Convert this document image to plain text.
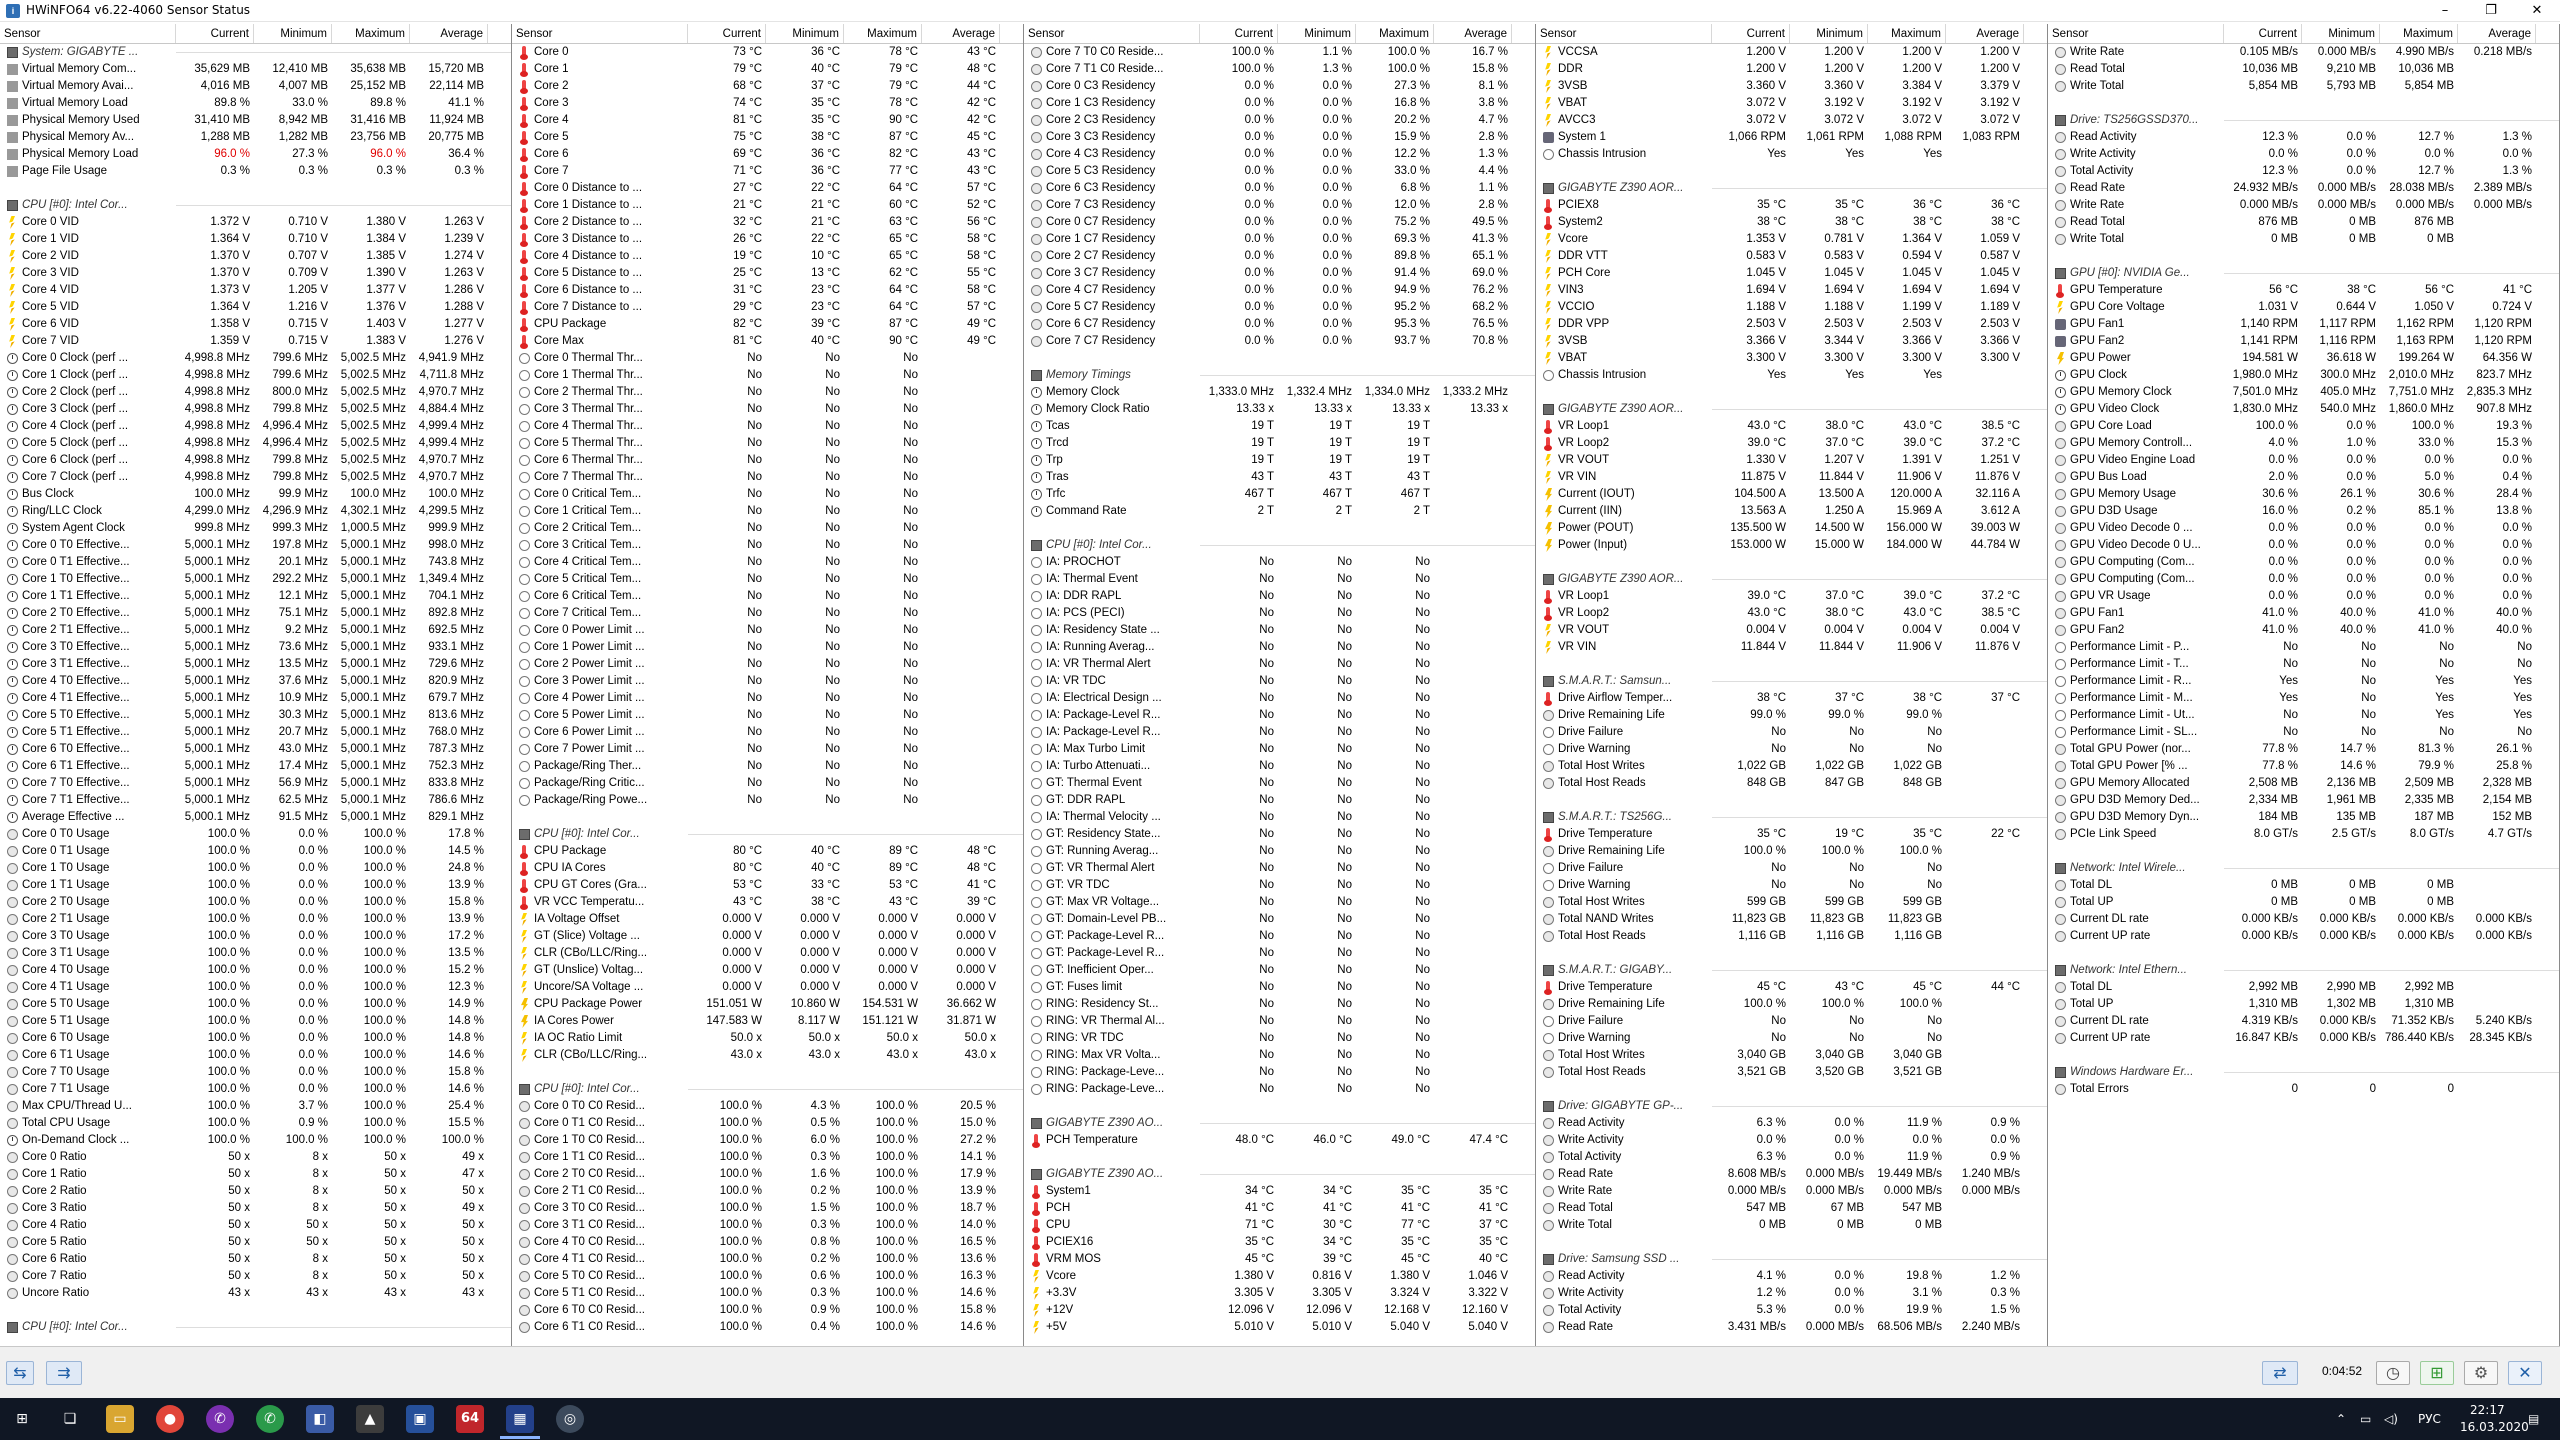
i HWiNFO64 v6.22-4060 Sensor Status	–	❐	✕
Sensor	Current	Minimum	Maximum	Average
System: GIGABYTE ...
Virtual Memory Com...	35,629 MB	12,410 MB	35,638 MB	15,720 MB
Virtual Memory Avai...	4,016 MB	4,007 MB	25,152 MB	22,114 MB
Virtual Memory Load	89.8 %	33.0 %	89.8 %	41.1 %
Physical Memory Used	31,410 MB	8,942 MB	31,416 MB	11,924 MB
Physical Memory Av...	1,288 MB	1,282 MB	23,756 MB	20,775 MB
Physical Memory Load	96.0 %	27.3 %	96.0 %	36.4 %
Page File Usage	0.3 %	0.3 %	0.3 %	0.3 %
CPU [#0]: Intel Cor...
Core 0 VID	1.372 V	0.710 V	1.380 V	1.263 V
Core 1 VID	1.364 V	0.710 V	1.384 V	1.239 V
Core 2 VID	1.370 V	0.707 V	1.385 V	1.274 V
Core 3 VID	1.370 V	0.709 V	1.390 V	1.263 V
Core 4 VID	1.373 V	1.205 V	1.377 V	1.286 V
Core 5 VID	1.364 V	1.216 V	1.376 V	1.288 V
Core 6 VID	1.358 V	0.715 V	1.403 V	1.277 V
Core 7 VID	1.359 V	0.715 V	1.383 V	1.276 V
Core 0 Clock (perf ...	4,998.8 MHz	799.6 MHz	5,002.5 MHz	4,941.9 MHz
Core 1 Clock (perf ...	4,998.8 MHz	799.6 MHz	5,002.5 MHz	4,711.8 MHz
Core 2 Clock (perf ...	4,998.8 MHz	800.0 MHz	5,002.5 MHz	4,970.7 MHz
Core 3 Clock (perf ...	4,998.8 MHz	799.8 MHz	5,002.5 MHz	4,884.4 MHz
Core 4 Clock (perf ...	4,998.8 MHz	4,996.4 MHz	5,002.5 MHz	4,999.4 MHz
Core 5 Clock (perf ...	4,998.8 MHz	4,996.4 MHz	5,002.5 MHz	4,999.4 MHz
Core 6 Clock (perf ...	4,998.8 MHz	799.8 MHz	5,002.5 MHz	4,970.7 MHz
Core 7 Clock (perf ...	4,998.8 MHz	799.8 MHz	5,002.5 MHz	4,970.7 MHz
Bus Clock	100.0 MHz	99.9 MHz	100.0 MHz	100.0 MHz
Ring/LLC Clock	4,299.0 MHz	4,296.9 MHz	4,302.1 MHz	4,299.5 MHz
System Agent Clock	999.8 MHz	999.3 MHz	1,000.5 MHz	999.9 MHz
Core 0 T0 Effective...	5,000.1 MHz	197.8 MHz	5,000.1 MHz	998.0 MHz
Core 0 T1 Effective...	5,000.1 MHz	20.1 MHz	5,000.1 MHz	743.8 MHz
Core 1 T0 Effective...	5,000.1 MHz	292.2 MHz	5,000.1 MHz	1,349.4 MHz
Core 1 T1 Effective...	5,000.1 MHz	12.1 MHz	5,000.1 MHz	704.1 MHz
Core 2 T0 Effective...	5,000.1 MHz	75.1 MHz	5,000.1 MHz	892.8 MHz
Core 2 T1 Effective...	5,000.1 MHz	9.2 MHz	5,000.1 MHz	692.5 MHz
Core 3 T0 Effective...	5,000.1 MHz	73.6 MHz	5,000.1 MHz	933.1 MHz
Core 3 T1 Effective...	5,000.1 MHz	13.5 MHz	5,000.1 MHz	729.6 MHz
Core 4 T0 Effective...	5,000.1 MHz	37.6 MHz	5,000.1 MHz	820.9 MHz
Core 4 T1 Effective...	5,000.1 MHz	10.9 MHz	5,000.1 MHz	679.7 MHz
Core 5 T0 Effective...	5,000.1 MHz	30.3 MHz	5,000.1 MHz	813.6 MHz
Core 5 T1 Effective...	5,000.1 MHz	20.7 MHz	5,000.1 MHz	768.0 MHz
Core 6 T0 Effective...	5,000.1 MHz	43.0 MHz	5,000.1 MHz	787.3 MHz
Core 6 T1 Effective...	5,000.1 MHz	17.4 MHz	5,000.1 MHz	752.3 MHz
Core 7 T0 Effective...	5,000.1 MHz	56.9 MHz	5,000.1 MHz	833.8 MHz
Core 7 T1 Effective...	5,000.1 MHz	62.5 MHz	5,000.1 MHz	786.6 MHz
Average Effective ...	5,000.1 MHz	91.5 MHz	5,000.1 MHz	829.1 MHz
Core 0 T0 Usage	100.0 %	0.0 %	100.0 %	17.8 %
Core 0 T1 Usage	100.0 %	0.0 %	100.0 %	14.5 %
Core 1 T0 Usage	100.0 %	0.0 %	100.0 %	24.8 %
Core 1 T1 Usage	100.0 %	0.0 %	100.0 %	13.9 %
Core 2 T0 Usage	100.0 %	0.0 %	100.0 %	15.8 %
Core 2 T1 Usage	100.0 %	0.0 %	100.0 %	13.9 %
Core 3 T0 Usage	100.0 %	0.0 %	100.0 %	17.2 %
Core 3 T1 Usage	100.0 %	0.0 %	100.0 %	13.5 %
Core 4 T0 Usage	100.0 %	0.0 %	100.0 %	15.2 %
Core 4 T1 Usage	100.0 %	0.0 %	100.0 %	12.3 %
Core 5 T0 Usage	100.0 %	0.0 %	100.0 %	14.9 %
Core 5 T1 Usage	100.0 %	0.0 %	100.0 %	14.8 %
Core 6 T0 Usage	100.0 %	0.0 %	100.0 %	14.8 %
Core 6 T1 Usage	100.0 %	0.0 %	100.0 %	14.6 %
Core 7 T0 Usage	100.0 %	0.0 %	100.0 %	15.8 %
Core 7 T1 Usage	100.0 %	0.0 %	100.0 %	14.6 %
Max CPU/Thread U...	100.0 %	3.7 %	100.0 %	25.4 %
Total CPU Usage	100.0 %	0.9 %	100.0 %	15.5 %
On-Demand Clock ...	100.0 %	100.0 %	100.0 %	100.0 %
Core 0 Ratio	50 x	8 x	50 x	49 x
Core 1 Ratio	50 x	8 x	50 x	47 x
Core 2 Ratio	50 x	8 x	50 x	50 x
Core 3 Ratio	50 x	8 x	50 x	49 x
Core 4 Ratio	50 x	50 x	50 x	50 x
Core 5 Ratio	50 x	50 x	50 x	50 x
Core 6 Ratio	50 x	8 x	50 x	50 x
Core 7 Ratio	50 x	8 x	50 x	50 x
Uncore Ratio	43 x	43 x	43 x	43 x
CPU [#0]: Intel Cor...
Sensor	Current	Minimum	Maximum	Average
Core 0	73 °C	36 °C	78 °C	43 °C
Core 1	79 °C	40 °C	79 °C	48 °C
Core 2	68 °C	37 °C	79 °C	44 °C
Core 3	74 °C	35 °C	78 °C	42 °C
Core 4	81 °C	35 °C	90 °C	42 °C
Core 5	75 °C	38 °C	87 °C	45 °C
Core 6	69 °C	36 °C	82 °C	43 °C
Core 7	71 °C	36 °C	77 °C	43 °C
Core 0 Distance to ...	27 °C	22 °C	64 °C	57 °C
Core 1 Distance to ...	21 °C	21 °C	60 °C	52 °C
Core 2 Distance to ...	32 °C	21 °C	63 °C	56 °C
Core 3 Distance to ...	26 °C	22 °C	65 °C	58 °C
Core 4 Distance to ...	19 °C	10 °C	65 °C	58 °C
Core 5 Distance to ...	25 °C	13 °C	62 °C	55 °C
Core 6 Distance to ...	31 °C	23 °C	64 °C	58 °C
Core 7 Distance to ...	29 °C	23 °C	64 °C	57 °C
CPU Package	82 °C	39 °C	87 °C	49 °C
Core Max	81 °C	40 °C	90 °C	49 °C
Core 0 Thermal Thr...	No	No	No
Core 1 Thermal Thr...	No	No	No
Core 2 Thermal Thr...	No	No	No
Core 3 Thermal Thr...	No	No	No
Core 4 Thermal Thr...	No	No	No
Core 5 Thermal Thr...	No	No	No
Core 6 Thermal Thr...	No	No	No
Core 7 Thermal Thr...	No	No	No
Core 0 Critical Tem...	No	No	No
Core 1 Critical Tem...	No	No	No
Core 2 Critical Tem...	No	No	No
Core 3 Critical Tem...	No	No	No
Core 4 Critical Tem...	No	No	No
Core 5 Critical Tem...	No	No	No
Core 6 Critical Tem...	No	No	No
Core 7 Critical Tem...	No	No	No
Core 0 Power Limit ...	No	No	No
Core 1 Power Limit ...	No	No	No
Core 2 Power Limit ...	No	No	No
Core 3 Power Limit ...	No	No	No
Core 4 Power Limit ...	No	No	No
Core 5 Power Limit ...	No	No	No
Core 6 Power Limit ...	No	No	No
Core 7 Power Limit ...	No	No	No
Package/Ring Ther...	No	No	No
Package/Ring Critic...	No	No	No
Package/Ring Powe...	No	No	No
CPU [#0]: Intel Cor...
CPU Package	80 °C	40 °C	89 °C	48 °C
CPU IA Cores	80 °C	40 °C	89 °C	48 °C
CPU GT Cores (Gra...	53 °C	33 °C	53 °C	41 °C
VR VCC Temperatu...	43 °C	38 °C	43 °C	39 °C
IA Voltage Offset	0.000 V	0.000 V	0.000 V	0.000 V
GT (Slice) Voltage ...	0.000 V	0.000 V	0.000 V	0.000 V
CLR (CBo/LLC/Ring...	0.000 V	0.000 V	0.000 V	0.000 V
GT (Unslice) Voltag...	0.000 V	0.000 V	0.000 V	0.000 V
Uncore/SA Voltage ...	0.000 V	0.000 V	0.000 V	0.000 V
CPU Package Power	151.051 W	10.860 W	154.531 W	36.662 W
IA Cores Power	147.583 W	8.117 W	151.121 W	31.871 W
IA OC Ratio Limit	50.0 x	50.0 x	50.0 x	50.0 x
CLR (CBo/LLC/Ring...	43.0 x	43.0 x	43.0 x	43.0 x
CPU [#0]: Intel Cor...
Core 0 T0 C0 Resid...	100.0 %	4.3 %	100.0 %	20.5 %
Core 0 T1 C0 Resid...	100.0 %	0.5 %	100.0 %	15.0 %
Core 1 T0 C0 Resid...	100.0 %	6.0 %	100.0 %	27.2 %
Core 1 T1 C0 Resid...	100.0 %	0.3 %	100.0 %	14.1 %
Core 2 T0 C0 Resid...	100.0 %	1.6 %	100.0 %	17.9 %
Core 2 T1 C0 Resid...	100.0 %	0.2 %	100.0 %	13.9 %
Core 3 T0 C0 Resid...	100.0 %	1.5 %	100.0 %	18.7 %
Core 3 T1 C0 Resid...	100.0 %	0.3 %	100.0 %	14.0 %
Core 4 T0 C0 Resid...	100.0 %	0.8 %	100.0 %	16.5 %
Core 4 T1 C0 Resid...	100.0 %	0.2 %	100.0 %	13.6 %
Core 5 T0 C0 Resid...	100.0 %	0.6 %	100.0 %	16.3 %
Core 5 T1 C0 Resid...	100.0 %	0.3 %	100.0 %	14.6 %
Core 6 T0 C0 Resid...	100.0 %	0.9 %	100.0 %	15.8 %
Core 6 T1 C0 Resid...	100.0 %	0.4 %	100.0 %	14.6 %
Sensor	Current	Minimum	Maximum	Average
Core 7 T0 C0 Reside...	100.0 %	1.1 %	100.0 %	16.7 %
Core 7 T1 C0 Reside...	100.0 %	1.3 %	100.0 %	15.8 %
Core 0 C3 Residency	0.0 %	0.0 %	27.3 %	8.1 %
Core 1 C3 Residency	0.0 %	0.0 %	16.8 %	3.8 %
Core 2 C3 Residency	0.0 %	0.0 %	20.2 %	4.7 %
Core 3 C3 Residency	0.0 %	0.0 %	15.9 %	2.8 %
Core 4 C3 Residency	0.0 %	0.0 %	12.2 %	1.3 %
Core 5 C3 Residency	0.0 %	0.0 %	33.0 %	4.4 %
Core 6 C3 Residency	0.0 %	0.0 %	6.8 %	1.1 %
Core 7 C3 Residency	0.0 %	0.0 %	12.0 %	2.8 %
Core 0 C7 Residency	0.0 %	0.0 %	75.2 %	49.5 %
Core 1 C7 Residency	0.0 %	0.0 %	69.3 %	41.3 %
Core 2 C7 Residency	0.0 %	0.0 %	89.8 %	65.1 %
Core 3 C7 Residency	0.0 %	0.0 %	91.4 %	69.0 %
Core 4 C7 Residency	0.0 %	0.0 %	94.9 %	76.2 %
Core 5 C7 Residency	0.0 %	0.0 %	95.2 %	68.2 %
Core 6 C7 Residency	0.0 %	0.0 %	95.3 %	76.5 %
Core 7 C7 Residency	0.0 %	0.0 %	93.7 %	70.8 %
Memory Timings
Memory Clock	1,333.0 MHz	1,332.4 MHz	1,334.0 MHz	1,333.2 MHz
Memory Clock Ratio	13.33 x	13.33 x	13.33 x	13.33 x
Tcas	19 T	19 T	19 T
Trcd	19 T	19 T	19 T
Trp	19 T	19 T	19 T
Tras	43 T	43 T	43 T
Trfc	467 T	467 T	467 T
Command Rate	2 T	2 T	2 T
CPU [#0]: Intel Cor...
IA: PROCHOT	No	No	No
IA: Thermal Event	No	No	No
IA: DDR RAPL	No	No	No
IA: PCS (PECI)	No	No	No
IA: Residency State ...	No	No	No
IA: Running Averag...	No	No	No
IA: VR Thermal Alert	No	No	No
IA: VR TDC	No	No	No
IA: Electrical Design ...	No	No	No
IA: Package-Level R...	No	No	No
IA: Package-Level R...	No	No	No
IA: Max Turbo Limit	No	No	No
IA: Turbo Attenuati...	No	No	No
GT: Thermal Event	No	No	No
GT: DDR RAPL	No	No	No
IA: Thermal Velocity ...	No	No	No
GT: Residency State...	No	No	No
GT: Running Averag...	No	No	No
GT: VR Thermal Alert	No	No	No
GT: VR TDC	No	No	No
GT: Max VR Voltage...	No	No	No
GT: Domain-Level PB...	No	No	No
GT: Package-Level R...	No	No	No
GT: Package-Level R...	No	No	No
GT: Inefficient Oper...	No	No	No
GT: Fuses limit	No	No	No
RING: Residency St...	No	No	No
RING: VR Thermal Al...	No	No	No
RING: VR TDC	No	No	No
RING: Max VR Volta...	No	No	No
RING: Package-Leve...	No	No	No
RING: Package-Leve...	No	No	No
GIGABYTE Z390 AO...
PCH Temperature	48.0 °C	46.0 °C	49.0 °C	47.4 °C
GIGABYTE Z390 AO...
System1	34 °C	34 °C	35 °C	35 °C
PCH	41 °C	41 °C	41 °C	41 °C
CPU	71 °C	30 °C	77 °C	37 °C
PCIEX16	35 °C	34 °C	35 °C	35 °C
VRM MOS	45 °C	39 °C	45 °C	40 °C
Vcore	1.380 V	0.816 V	1.380 V	1.046 V
+3.3V	3.305 V	3.305 V	3.324 V	3.322 V
+12V	12.096 V	12.096 V	12.168 V	12.160 V
+5V	5.010 V	5.010 V	5.040 V	5.040 V
Sensor	Current	Minimum	Maximum	Average
VCCSA	1.200 V	1.200 V	1.200 V	1.200 V
DDR	1.200 V	1.200 V	1.200 V	1.200 V
3VSB	3.360 V	3.360 V	3.384 V	3.379 V
VBAT	3.072 V	3.192 V	3.192 V	3.192 V
AVCC3	3.072 V	3.072 V	3.072 V	3.072 V
System 1	1,066 RPM	1,061 RPM	1,088 RPM	1,083 RPM
Chassis Intrusion	Yes	Yes	Yes
GIGABYTE Z390 AOR...
PCIEX8	35 °C	35 °C	36 °C	36 °C
System2	38 °C	38 °C	38 °C	38 °C
Vcore	1.353 V	0.781 V	1.364 V	1.059 V
DDR VTT	0.583 V	0.583 V	0.594 V	0.587 V
PCH Core	1.045 V	1.045 V	1.045 V	1.045 V
VIN3	1.694 V	1.694 V	1.694 V	1.694 V
VCCIO	1.188 V	1.188 V	1.199 V	1.189 V
DDR VPP	2.503 V	2.503 V	2.503 V	2.503 V
3VSB	3.366 V	3.344 V	3.366 V	3.366 V
VBAT	3.300 V	3.300 V	3.300 V	3.300 V
Chassis Intrusion	Yes	Yes	Yes
GIGABYTE Z390 AOR...
VR Loop1	43.0 °C	38.0 °C	43.0 °C	38.5 °C
VR Loop2	39.0 °C	37.0 °C	39.0 °C	37.2 °C
VR VOUT	1.330 V	1.207 V	1.391 V	1.251 V
VR VIN	11.875 V	11.844 V	11.906 V	11.876 V
Current (IOUT)	104.500 A	13.500 A	120.000 A	32.116 A
Current (IIN)	13.563 A	1.250 A	15.969 A	3.612 A
Power (POUT)	135.500 W	14.500 W	156.000 W	39.003 W
Power (Input)	153.000 W	15.000 W	184.000 W	44.784 W
GIGABYTE Z390 AOR...
VR Loop1	39.0 °C	37.0 °C	39.0 °C	37.2 °C
VR Loop2	43.0 °C	38.0 °C	43.0 °C	38.5 °C
VR VOUT	0.004 V	0.004 V	0.004 V	0.004 V
VR VIN	11.844 V	11.844 V	11.906 V	11.876 V
S.M.A.R.T.: Samsun...
Drive Airflow Temper...	38 °C	37 °C	38 °C	37 °C
Drive Remaining Life	99.0 %	99.0 %	99.0 %
Drive Failure	No	No	No
Drive Warning	No	No	No
Total Host Writes	1,022 GB	1,022 GB	1,022 GB
Total Host Reads	848 GB	847 GB	848 GB
S.M.A.R.T.: TS256G...
Drive Temperature	35 °C	19 °C	35 °C	22 °C
Drive Remaining Life	100.0 %	100.0 %	100.0 %
Drive Failure	No	No	No
Drive Warning	No	No	No
Total Host Writes	599 GB	599 GB	599 GB
Total NAND Writes	11,823 GB	11,823 GB	11,823 GB
Total Host Reads	1,116 GB	1,116 GB	1,116 GB
S.M.A.R.T.: GIGABY...
Drive Temperature	45 °C	43 °C	45 °C	44 °C
Drive Remaining Life	100.0 %	100.0 %	100.0 %
Drive Failure	No	No	No
Drive Warning	No	No	No
Total Host Writes	3,040 GB	3,040 GB	3,040 GB
Total Host Reads	3,521 GB	3,520 GB	3,521 GB
Drive: GIGABYTE GP-...
Read Activity	6.3 %	0.0 %	11.9 %	0.9 %
Write Activity	0.0 %	0.0 %	0.0 %	0.0 %
Total Activity	6.3 %	0.0 %	11.9 %	0.9 %
Read Rate	8.608 MB/s	0.000 MB/s	19.449 MB/s	1.240 MB/s
Write Rate	0.000 MB/s	0.000 MB/s	0.000 MB/s	0.000 MB/s
Read Total	547 MB	67 MB	547 MB
Write Total	0 MB	0 MB	0 MB
Drive: Samsung SSD ...
Read Activity	4.1 %	0.0 %	19.8 %	1.2 %
Write Activity	1.2 %	0.0 %	3.1 %	0.3 %
Total Activity	5.3 %	0.0 %	19.9 %	1.5 %
Read Rate	3.431 MB/s	0.000 MB/s	68.506 MB/s	2.240 MB/s
Sensor	Current	Minimum	Maximum	Average
Write Rate	0.105 MB/s	0.000 MB/s	4.990 MB/s	0.218 MB/s
Read Total	10,036 MB	9,210 MB	10,036 MB
Write Total	5,854 MB	5,793 MB	5,854 MB
Drive: TS256GSSD370...
Read Activity	12.3 %	0.0 %	12.7 %	1.3 %
Write Activity	0.0 %	0.0 %	0.0 %	0.0 %
Total Activity	12.3 %	0.0 %	12.7 %	1.3 %
Read Rate	24.932 MB/s	0.000 MB/s	28.038 MB/s	2.389 MB/s
Write Rate	0.000 MB/s	0.000 MB/s	0.000 MB/s	0.000 MB/s
Read Total	876 MB	0 MB	876 MB
Write Total	0 MB	0 MB	0 MB
GPU [#0]: NVIDIA Ge...
GPU Temperature	56 °C	38 °C	56 °C	41 °C
GPU Core Voltage	1.031 V	0.644 V	1.050 V	0.724 V
GPU Fan1	1,140 RPM	1,117 RPM	1,162 RPM	1,120 RPM
GPU Fan2	1,141 RPM	1,116 RPM	1,163 RPM	1,120 RPM
GPU Power	194.581 W	36.618 W	199.264 W	64.356 W
GPU Clock	1,980.0 MHz	300.0 MHz	2,010.0 MHz	823.7 MHz
GPU Memory Clock	7,501.0 MHz	405.0 MHz	7,751.0 MHz	2,835.3 MHz
GPU Video Clock	1,830.0 MHz	540.0 MHz	1,860.0 MHz	907.8 MHz
GPU Core Load	100.0 %	0.0 %	100.0 %	19.3 %
GPU Memory Controll...	4.0 %	1.0 %	33.0 %	15.3 %
GPU Video Engine Load	0.0 %	0.0 %	0.0 %	0.0 %
GPU Bus Load	2.0 %	0.0 %	5.0 %	0.4 %
GPU Memory Usage	30.6 %	26.1 %	30.6 %	28.4 %
GPU D3D Usage	16.0 %	0.2 %	85.1 %	13.8 %
GPU Video Decode 0 ...	0.0 %	0.0 %	0.0 %	0.0 %
GPU Video Decode 0 U...	0.0 %	0.0 %	0.0 %	0.0 %
GPU Computing (Com...	0.0 %	0.0 %	0.0 %	0.0 %
GPU Computing (Com...	0.0 %	0.0 %	0.0 %	0.0 %
GPU VR Usage	0.0 %	0.0 %	0.0 %	0.0 %
GPU Fan1	41.0 %	40.0 %	41.0 %	40.0 %
GPU Fan2	41.0 %	40.0 %	41.0 %	40.0 %
Performance Limit - P...	No	No	No	No
Performance Limit - T...	No	No	No	No
Performance Limit - R...	Yes	No	Yes	Yes
Performance Limit - M...	Yes	No	Yes	Yes
Performance Limit - Ut...	No	No	Yes	Yes
Performance Limit - SL...	No	No	No	No
Total GPU Power (nor...	77.8 %	14.7 %	81.3 %	26.1 %
Total GPU Power [% ...	77.8 %	14.6 %	79.9 %	25.8 %
GPU Memory Allocated	2,508 MB	2,136 MB	2,509 MB	2,328 MB
GPU D3D Memory Ded...	2,334 MB	1,961 MB	2,335 MB	2,154 MB
GPU D3D Memory Dyn...	184 MB	135 MB	187 MB	152 MB
PCIe Link Speed	8.0 GT/s	2.5 GT/s	8.0 GT/s	4.7 GT/s
Network: Intel Wirele...
Total DL	0 MB	0 MB	0 MB
Total UP	0 MB	0 MB	0 MB
Current DL rate	0.000 KB/s	0.000 KB/s	0.000 KB/s	0.000 KB/s
Current UP rate	0.000 KB/s	0.000 KB/s	0.000 KB/s	0.000 KB/s
Network: Intel Ethern...
Total DL	2,992 MB	2,990 MB	2,992 MB
Total UP	1,310 MB	1,302 MB	1,310 MB
Current DL rate	4.319 KB/s	0.000 KB/s	71.352 KB/s	5.240 KB/s
Current UP rate	16.847 KB/s	0.000 KB/s 786.440 KB/s	28.345 KB/s
Windows Hardware Er...
Total Errors	0	0	0
⇆	⇉	⇄	0:04:52	◷	⊞	⚙	✕
⊞	❏	▭	●	✆	✆	◧	▲	▣	64	▦	◎	⌃ ▭ ◁) РУС
22:17
16.03.2020
▤
